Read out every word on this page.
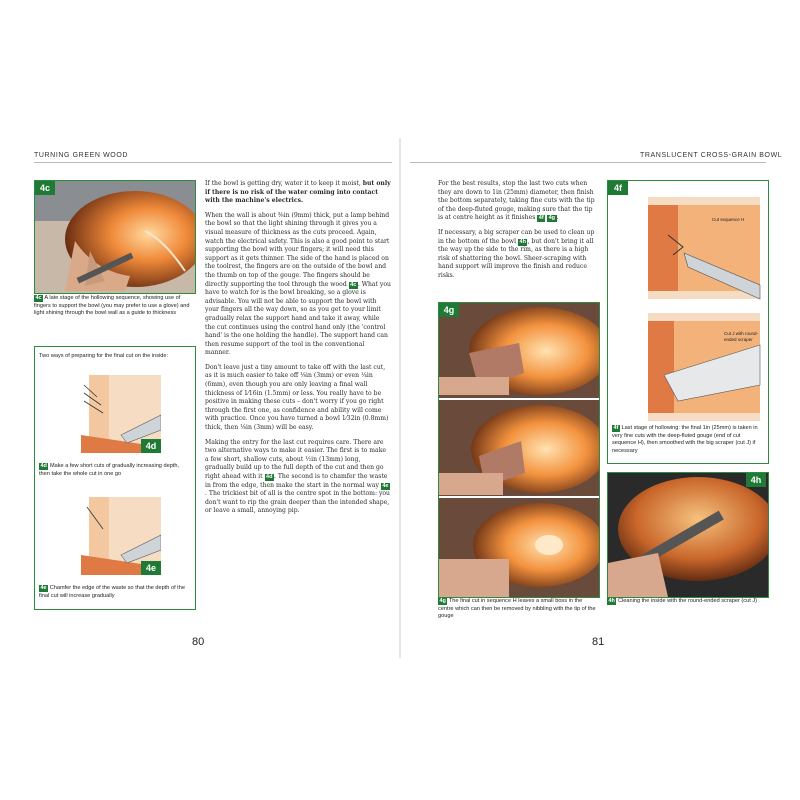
TURNING GREEN WOOD
4c
4c A late stage of the hollowing sequence, showing use of fingers to support the bowl (you may prefer to use a glove) and light shining through the bowl wall as a guide to thickness
Two ways of preparing for the final cut on the inside:
4d
4d Make a few short cuts of gradually increasing depth, then take the whole cut in one go
4e
4e Chamfer the edge of the waste so that the depth of the final cut will increase gradually

If the bowl is getting dry, water it to keep it moist, but only if there is no risk of the water coming into contact with the machine's electrics.

When the wall is about ⅜in (9mm) thick, put a lamp behind the bowl so that the light shining through it gives you a visual measure of thickness as the cuts proceed. Again, watch the electrical safety. This is also a good point to start supporting the bowl with your fingers; it will need this support as it gets thinner. The side of the hand is placed on the toolrest, the fingers are on the outside of the bowl and the thumb on top of the gouge. The fingers should be directly supporting the tool through the wood 4c . What you have to watch for is the bowl breaking, so a glove is advisable. You will not be able to support the bowl with your fingers all the way down, so as you get to your limit gradually relax the support hand and take it away, while the cut continues using the control hand only (the 'control hand' is the one holding the handle). The support hand can then resume support of the tool in the conventional manner.

Don't leave just a tiny amount to take off with the last cut, as it is much easier to take off ⅛in (3mm) or even ¼in (6mm), even though you are only leaving a final wall thickness of 1⁄16in (1.5mm) or less. You really have to be positive in making these cuts – don't worry if you go right through the first one, as confidence and ability will come with practice. Once you have turned a bowl 1⁄32in (0.8mm) thick, then ⅛in (3mm) will be easy.

Making the entry for the last cut requires care. There are two alternative ways to make it easier. The first is to make a few short, shallow cuts, about ½in (13mm) long, gradually build up to the full depth of the cut and then go right ahead with it 4d . The second is to chamfer the waste in from the edge, then make the start in the normal way 4e. The trickiest bit of all is the centre spot in the bottom: you don't want to rip the grain deeper than the intended shape, or leave a small, annoying pip.

80
TRANSLUCENT CROSS-GRAIN BOWL

For the best results, stop the last two cuts when they are down to 1in (25mm) diameter, then finish the bottom separately, taking fine cuts with the tip of the deep-fluted gouge, making sure that the tip is at centre height as it finishes 4f 4g .

If necessary, a big scraper can be used to clean up in the bottom of the bowl 4h , but don't bring it all the way up the side to the rim, as there is a high risk of shattering the bowl. Sheer-scraping with hand support will improve the finish and reduce risks.

4g
4g The final cut in sequence H leaves a small boss in the centre which can then be removed by nibbling with the tip of the gouge
4f
Cut sequence H
Cut J with round-ended scraper
4f Last stage of hollowing: the final 1in (25mm) is taken in very fine cuts with the deep-fluted gouge (end of cut sequence H), then smoothed with the big scraper (cut J) if necessary
4h
4h Cleaning the inside with the round-ended scraper (cut J)
81
